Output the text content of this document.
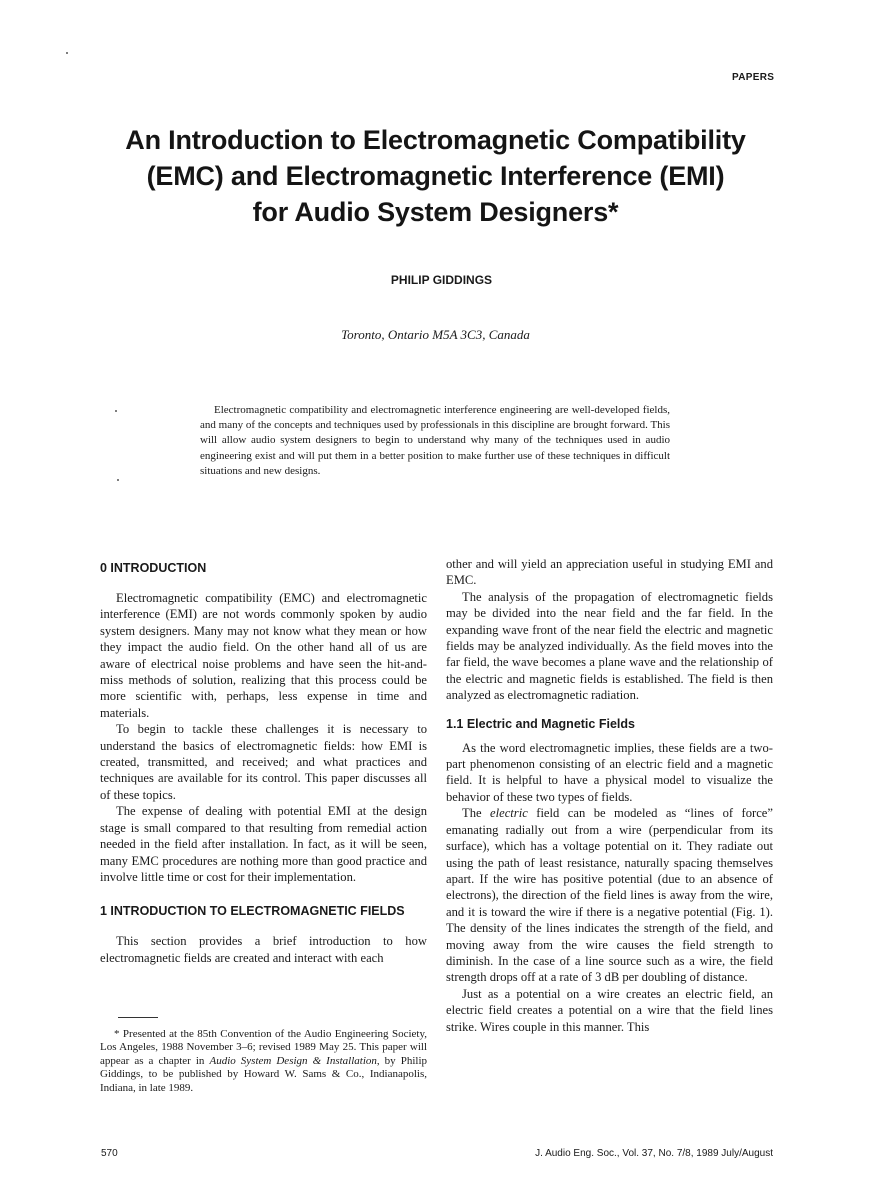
PAPERS
An Introduction to Electromagnetic Compatibility
(EMC) and Electromagnetic Interference (EMI)
for Audio System Designers*
PHILIP GIDDINGS
Toronto, Ontario M5A 3C3, Canada

Electromagnetic compatibility and electromagnetic interference engineering are well-developed fields, and many of the concepts and techniques used by professionals in this discipline are brought forward. This will allow audio system designers to begin to understand why many of the techniques used in audio engineering exist and will put them in a better position to make further use of these techniques in difficult situations and new designs.

0 INTRODUCTION

Electromagnetic compatibility (EMC) and electromagnetic interference (EMI) are not words commonly spoken by audio system designers. Many may not know what they mean or how they impact the audio field. On the other hand all of us are aware of electrical noise problems and have seen the hit-and-miss methods of solution, realizing that this process could be more scientific with, perhaps, less expense in time and materials.

To begin to tackle these challenges it is necessary to understand the basics of electromagnetic fields: how EMI is created, transmitted, and received; and what practices and techniques are available for its control. This paper discusses all of these topics.

The expense of dealing with potential EMI at the design stage is small compared to that resulting from remedial action needed in the field after installation. In fact, as it will be seen, many EMC procedures are nothing more than good practice and involve little time or cost for their implementation.

1 INTRODUCTION TO ELECTROMAGNETIC FIELDS

This section provides a brief introduction to how electromagnetic fields are created and interact with each

* Presented at the 85th Convention of the Audio Engineering Society, Los Angeles, 1988 November 3–6; revised 1989 May 25. This paper will appear as a chapter in Audio System Design & Installation, by Philip Giddings, to be published by Howard W. Sams & Co., Indianapolis, Indiana, in late 1989.

other and will yield an appreciation useful in studying EMI and EMC.

The analysis of the propagation of electromagnetic fields may be divided into the near field and the far field. In the expanding wave front of the near field the electric and magnetic fields may be analyzed individually. As the field moves into the far field, the wave becomes a plane wave and the relationship of the electric and magnetic fields is established. The field is then analyzed as electromagnetic radiation.

1.1 Electric and Magnetic Fields

As the word electromagnetic implies, these fields are a two-part phenomenon consisting of an electric field and a magnetic field. It is helpful to have a physical model to visualize the behavior of these two types of fields.

The electric field can be modeled as “lines of force” emanating radially out from a wire (perpendicular from its surface), which has a voltage potential on it. They radiate out using the path of least resistance, naturally spacing themselves apart. If the wire has positive potential (due to an absence of electrons), the direction of the field lines is away from the wire, and it is toward the wire if there is a negative potential (Fig. 1). The density of the lines indicates the strength of the field, and moving away from the wire causes the field strength to diminish. In the case of a line source such as a wire, the field strength drops off at a rate of 3 dB per doubling of distance.

Just as a potential on a wire creates an electric field, an electric field creates a potential on a wire that the field lines strike. Wires couple in this manner. This

570	J. Audio Eng. Soc., Vol. 37, No. 7/8, 1989 July/August
